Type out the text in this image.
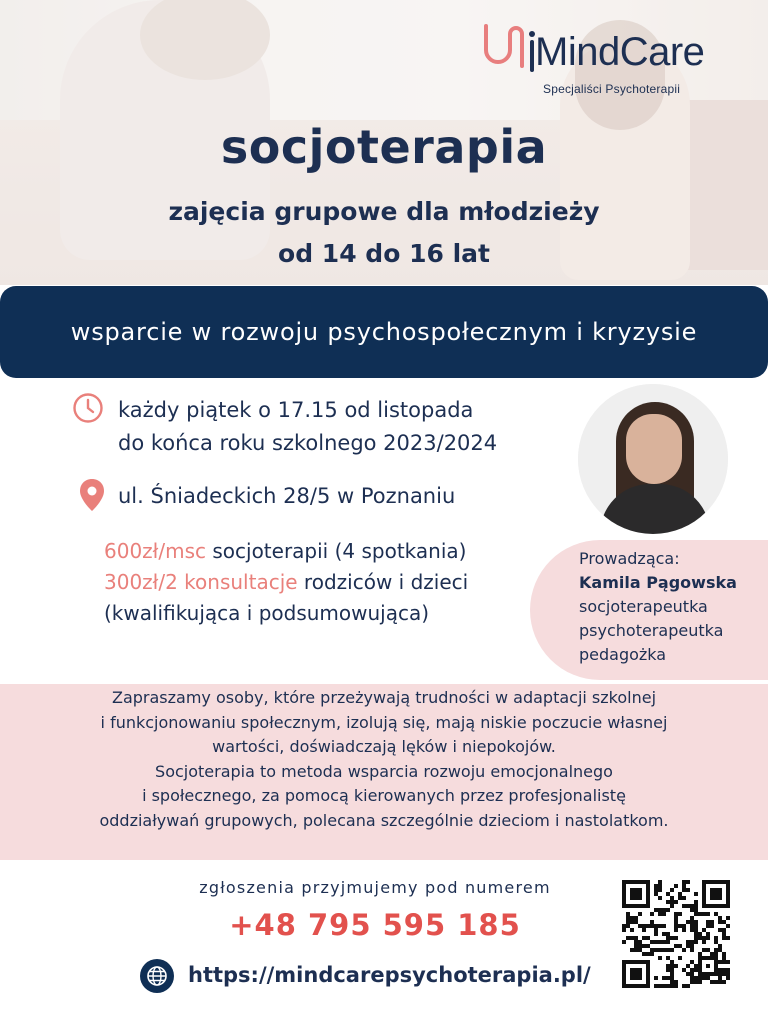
MindCare
Specjaliści Psychoterapii
socjoterapia
zajęcia grupowe dla młodzieży
od 14 do 16 lat
wsparcie w rozwoju psychospołecznym i kryzysie
każdy piątek o 17.15 od listopada
do końca roku szkolnego 2023/2024
ul. Śniadeckich 28/5 w Poznaniu
600zł/msc socjoterapii (4 spotkania)
300zł/2 konsultacje rodziców i dzieci
(kwalifikująca i podsumowująca)
Prowadząca:
Kamila Pągowska
socjoterapeutka
psychoterapeutka
pedagożka

Zapraszamy osoby, które przeżywają trudności w adaptacji szkolnej

i funkcjonowaniu społecznym, izolują się, mają niskie poczucie własnej

wartości, doświadczają lęków i niepokojów.

Socjoterapia to metoda wsparcia rozwoju emocjonalnego

i społecznego, za pomocą kierowanych przez profesjonalistę

oddziaływań grupowych, polecana szczególnie dzieciom i nastolatkom.

zgłoszenia przyjmujemy pod numerem
+48 795 595 185
https://mindcarepsychoterapia.pl/
